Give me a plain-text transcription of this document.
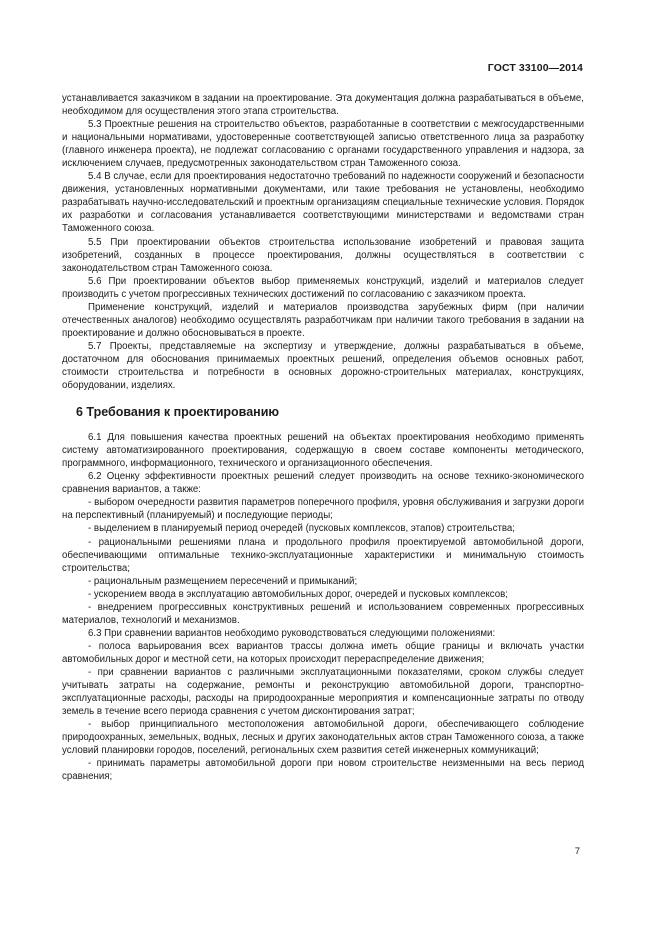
ГОСТ 33100—2014

устанавливается заказчиком в задании на проектирование. Эта документация должна разрабатываться в объеме, необходимом для осуществления этого этапа строительства.

5.3 Проектные решения на строительство объектов, разработанные в соответствии с межгосударственными и национальными нормативами, удостоверенные соответствующей записью ответственного лица за разработку (главного инженера проекта), не подлежат согласованию с органами государственного управления и надзора, за исключением случаев, предусмотренных законодательством стран Таможенного союза.

5.4 В случае, если для проектирования недостаточно требований по надежности сооружений и безопасности движения, установленных нормативными документами, или такие требования не установлены, необходимо разрабатывать научно-исследовательский и проектным организациям специальные технические условия. Порядок их разработки и согласования устанавливается соответствующими министерствами и ведомствами стран Таможенного союза.

5.5 При проектировании объектов строительства использование изобретений и правовая защита изобретений, созданных в процессе проектирования, должны осуществляться в соответствии с законодательством стран Таможенного союза.

5.6 При проектировании объектов выбор применяемых конструкций, изделий и материалов следует производить с учетом прогрессивных технических достижений по согласованию с заказчиком проекта.

Применение конструкций, изделий и материалов производства зарубежных фирм (при наличии отечественных аналогов) необходимо осуществлять разработчикам при наличии такого требования в задании на проектирование и должно обосновываться в проекте.

5.7 Проекты, представляемые на экспертизу и утверждение, должны разрабатываться в объеме, достаточном для обоснования принимаемых проектных решений, определения объемов основных работ, стоимости строительства и потребности в основных дорожно-строительных материалах, конструкциях, оборудовании, изделиях.

6 Требования к проектированию

6.1 Для повышения качества проектных решений на объектах проектирования необходимо применять систему автоматизированного проектирования, содержащую в своем составе компоненты методического, программного, информационного, технического и организационного обеспечения.

6.2 Оценку эффективности проектных решений следует производить на основе технико-экономического сравнения вариантов, а также:

- выбором очередности развития параметров поперечного профиля, уровня обслуживания и загрузки дороги на перспективный (планируемый) и последующие периоды;

- выделением в планируемый период очередей (пусковых комплексов, этапов) строительства;

- рациональными решениями плана и продольного профиля проектируемой автомобильной дороги, обеспечивающими оптимальные технико-эксплуатационные характеристики и минимальную стоимость строительства;

- рациональным размещением пересечений и примыканий;

- ускорением ввода в эксплуатацию автомобильных дорог, очередей и пусковых комплексов;

- внедрением прогрессивных конструктивных решений и использованием современных прогрессивных материалов, технологий и механизмов.

6.3 При сравнении вариантов необходимо руководствоваться следующими положениями:

- полоса варьирования всех вариантов трассы должна иметь общие границы и включать участки автомобильных дорог и местной сети, на которых происходит перераспределение движения;

- при сравнении вариантов с различными эксплуатационными показателями, сроком службы следует учитывать затраты на содержание, ремонты и реконструкцию автомобильной дороги, транспортно-эксплуатационные расходы, расходы на природоохранные мероприятия и компенсационные затраты по отводу земель в течение всего периода сравнения с учетом дисконтирования затрат;

- выбор принципиального местоположения автомобильной дороги, обеспечивающего соблюдение природоохранных, земельных, водных, лесных и других законодательных актов стран Таможенного союза, а также условий планировки городов, поселений, региональных схем развития сетей инженерных коммуникаций;

- принимать параметры автомобильной дороги при новом строительстве неизменными на весь период сравнения;

7
